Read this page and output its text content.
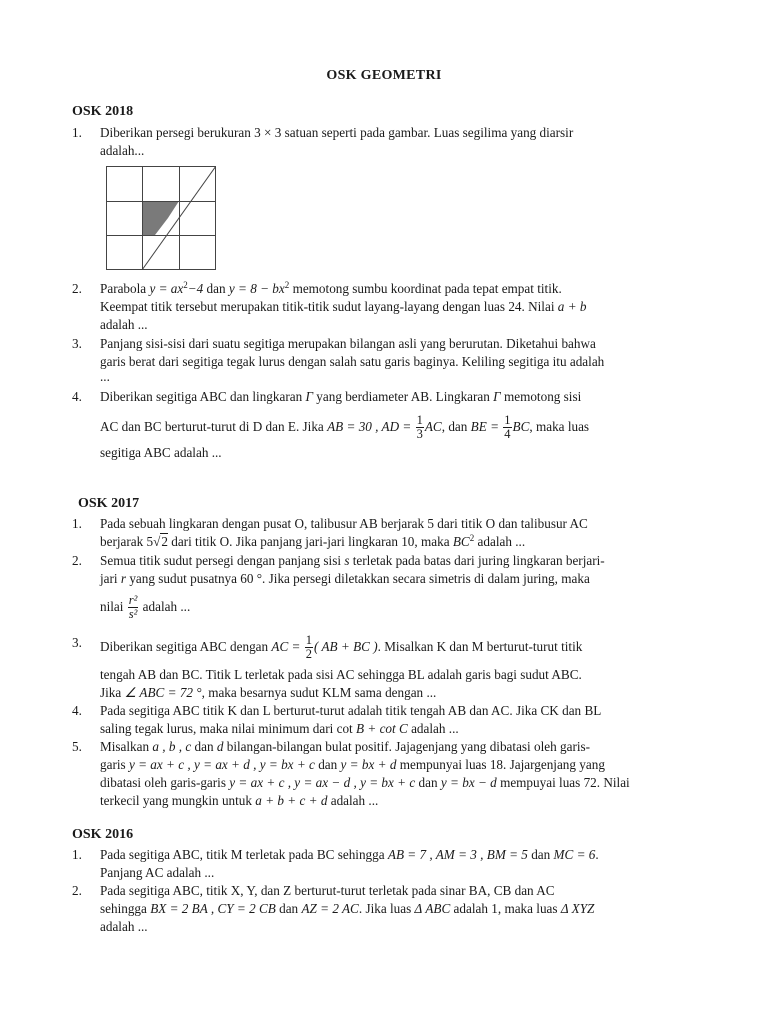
OSK GEOMETRI
OSK 2018
1.	Diberikan persegi berukuran 3 × 3 satuan seperti pada gambar. Luas segilima yang diarsir
adalah...
2.	Parabola $y = ax^2-4$ dan $y = 8 - bx^2$ memotong sumbu koordinat pada tepat empat titik.
Keempat titik tersebut merupakan titik-titik sudut layang-layang dengan luas 24. Nilai a + b
adalah ...
3.	Panjang sisi-sisi dari suatu segitiga merupakan bilangan asli yang berurutan. Diketahui bahwa
garis berat dari segitiga tegak lurus dengan salah satu garis baginya. Keliling segitiga itu adalah
...
4.	Diberikan segitiga ABC dan lingkaran Γ yang berdiameter AB. Lingkaran Γ memotong sisi
AC dan BC berturut-turut di D dan E. Jika AB = 30 , AD = $\frac{1}{3}$ AC, dan BE = $\frac{1}{4}$ BC, maka luas
segitiga ABC adalah ...
OSK 2017
1.	Pada sebuah lingkaran dengan pusat O, talibusur AB berjarak 5 dari titik O dan talibusur AC
berjarak 5√2 dari titik O. Jika panjang jari-jari lingkaran 10, maka $BC^2$ adalah ...
2.	Semua titik sudut persegi dengan panjang sisi s terletak pada batas dari juring lingkaran berjari-
jari r yang sudut pusatnya 60 °. Jika persegi diletakkan secara simetris di dalam juring, maka
nilai $\frac{\text{r²}}{\text{s²}}$ adalah ...
3.	Diberikan segitiga ABC dengan AC = $\frac{1}{2}$ ( AB + BC ). Misalkan K dan M berturut-turut titik
tengah AB dan BC. Titik L terletak pada sisi AC sehingga BL adalah garis bagi sudut ABC.
Jika ∠ ABC = 72 °, maka besarnya sudut KLM sama dengan ...
4.	Pada segitiga ABC titik K dan L berturut-turut adalah titik tengah AB dan AC. Jika CK dan BL
saling tegak lurus, maka nilai minimum dari cot B + cot C adalah ...
5.	Misalkan a , b , c dan d bilangan-bilangan bulat positif. Jajagenjang yang dibatasi oleh garis-
garis y = ax + c , y = ax + d , y = bx + c dan y = bx + d mempunyai luas 18. Jajargenjang yang
dibatasi oleh garis-garis y = ax + c , y = ax − d , y = bx + c dan y = bx − d mempuyai luas 72. Nilai
terkecil yang mungkin untuk a + b + c + d adalah ...
OSK 2016
1.	Pada segitiga ABC, titik M terletak pada BC sehingga AB = 7 , AM = 3 , BM = 5 dan MC = 6.
Panjang AC adalah ...
2.	Pada segitiga ABC, titik X, Y, dan Z berturut-turut terletak pada sinar BA, CB dan AC
sehingga BX = 2 BA , CY = 2 CB dan AZ = 2 AC. Jika luas Δ ABC adalah 1, maka luas Δ XYZ
adalah ...
